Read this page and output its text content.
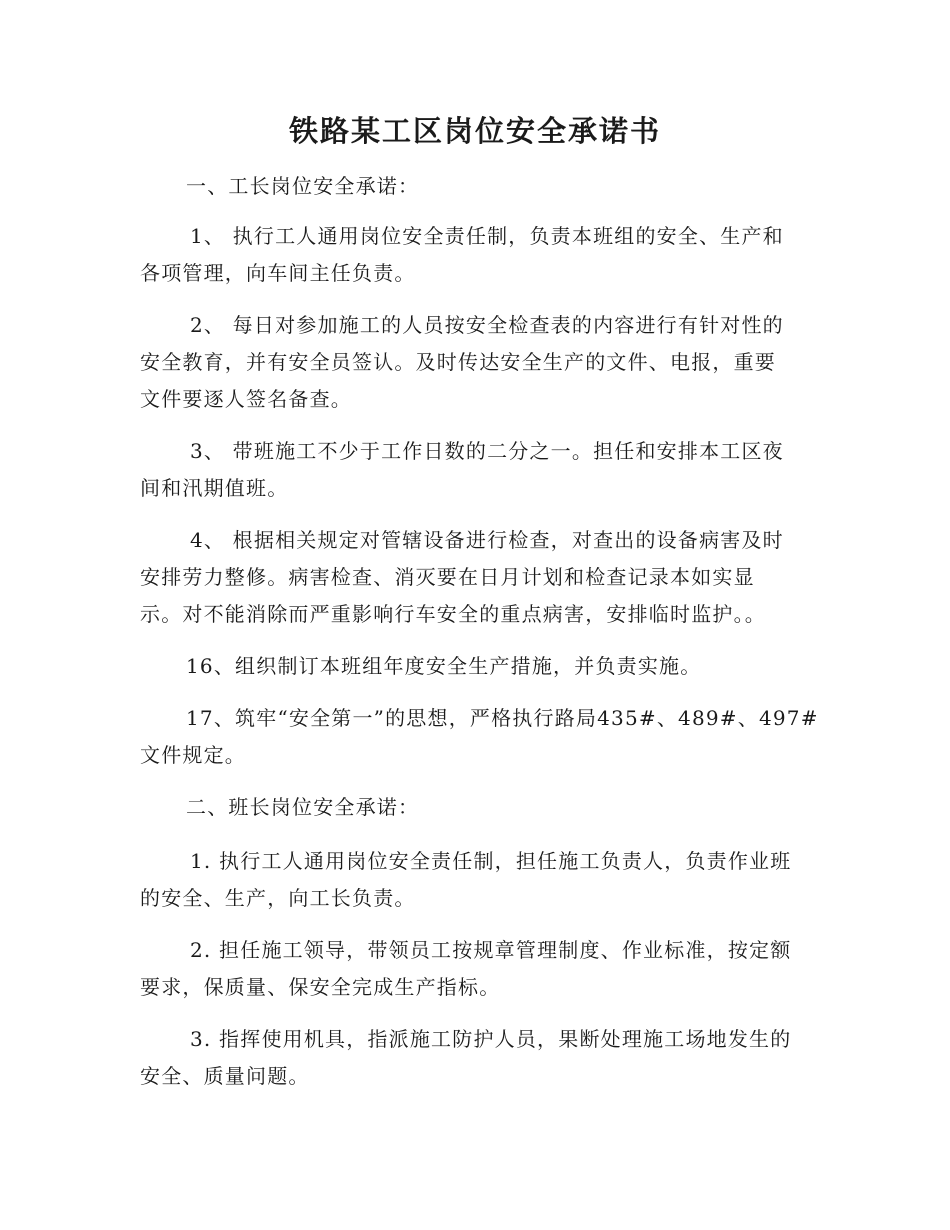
铁路某工区岗位安全承诺书
一、工长岗位安全承诺：
1、 执行工人通用岗位安全责任制，负责本班组的安全、生产和
各项管理，向车间主任负责。
2、 每日对参加施工的人员按安全检查表的内容进行有针对性的
安全教育，并有安全员签认。及时传达安全生产的文件、电报，重要
文件要逐人签名备查。
3、 带班施工不少于工作日数的二分之一。担任和安排本工区夜
间和汛期值班。
4、 根据相关规定对管辖设备进行检查，对查出的设备病害及时
安排劳力整修。病害检查、消灭要在日月计划和检查记录本如实显
示。对不能消除而严重影响行车安全的重点病害，安排临时监护。。
16、组织制订本班组年度安全生产措施，并负责实施。
17、筑牢“安全第一”的思想，严格执行路局435#、489#、497#
文件规定。
二、班长岗位安全承诺：
1. 执行工人通用岗位安全责任制，担任施工负责人，负责作业班
的安全、生产，向工长负责。
2. 担任施工领导，带领员工按规章管理制度、作业标准，按定额
要求，保质量、保安全完成生产指标。
3. 指挥使用机具，指派施工防护人员，果断处理施工场地发生的
安全、质量问题。
